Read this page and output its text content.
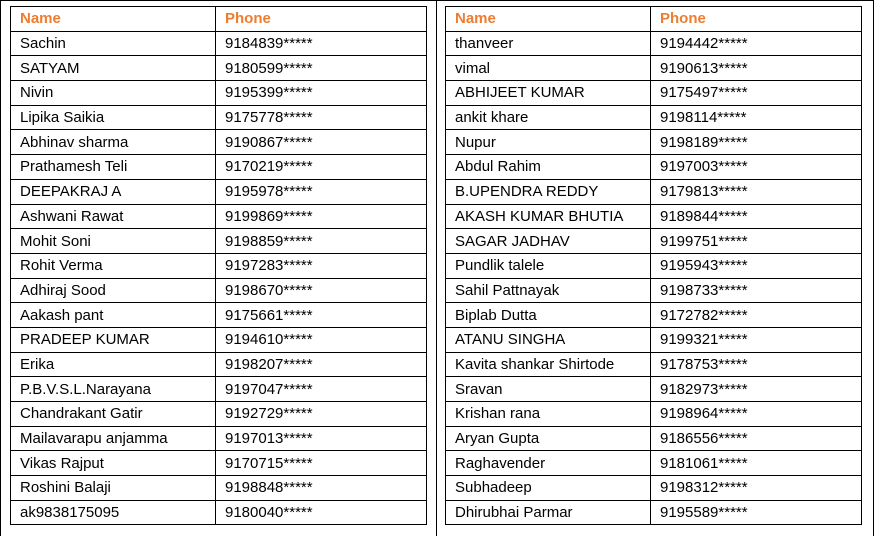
Name	Phone
Sachin	9184839*****
SATYAM	9180599*****
Nivin	9195399*****
Lipika Saikia	9175778*****
Abhinav sharma	9190867*****
Prathamesh Teli	9170219*****
DEEPAKRAJ A	9195978*****
Ashwani Rawat	9199869*****
Mohit Soni	9198859*****
Rohit Verma	9197283*****
Adhiraj Sood	9198670*****
Aakash pant	9175661*****
PRADEEP KUMAR	9194610*****
Erika	9198207*****
P.B.V.S.L.Narayana	9197047*****
Chandrakant Gatir	9192729*****
Mailavarapu anjamma	9197013*****
Vikas Rajput	9170715*****
Roshini Balaji	9198848*****
ak9838175095	9180040*****
Name	Phone
thanveer	9194442*****
vimal	9190613*****
ABHIJEET KUMAR	9175497*****
ankit khare	9198114*****
Nupur	9198189*****
Abdul Rahim	9197003*****
B.UPENDRA REDDY	9179813*****
AKASH KUMAR BHUTIA	9189844*****
SAGAR JADHAV	9199751*****
Pundlik talele	9195943*****
Sahil Pattnayak	9198733*****
Biplab Dutta	9172782*****
ATANU SINGHA	9199321*****
Kavita shankar Shirtode	9178753*****
Sravan	9182973*****
Krishan rana	9198964*****
Aryan Gupta	9186556*****
Raghavender	9181061*****
Subhadeep	9198312*****
Dhirubhai Parmar	9195589*****
